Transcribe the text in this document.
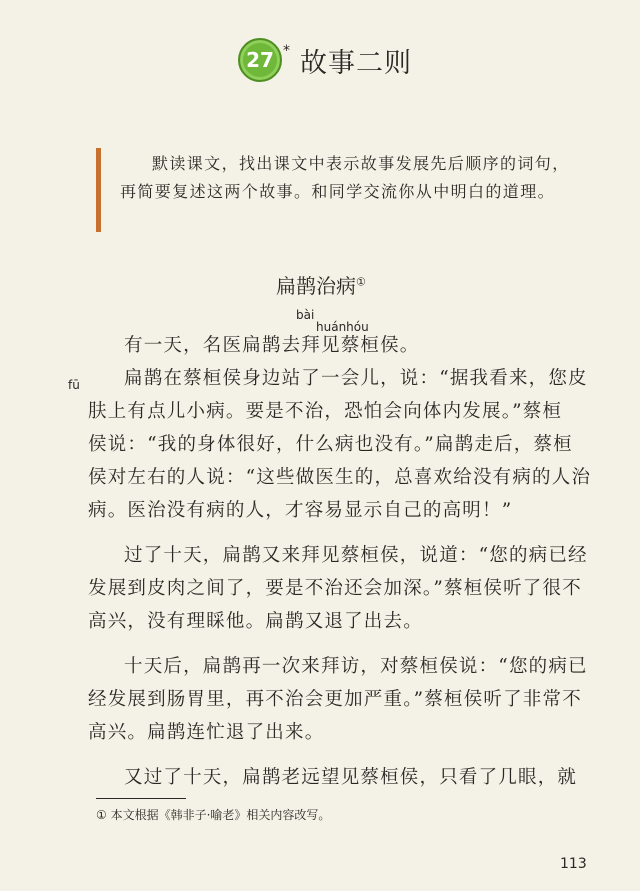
27 * 故事二则

默读课文，找出课文中表示故事发展先后顺序的词句，再简要复述这两个故事。和同学交流你从中明白的道理。

扁鹊治病①
bài
huánhóu
fū
有一天，名医扁鹊去拜见蔡桓侯。
扁鹊在蔡桓侯身边站了一会儿，说：“据我看来，您皮
肤上有点儿小病。要是不治，恐怕会向体内发展。”蔡桓
侯说：“我的身体很好，什么病也没有。”扁鹊走后，蔡桓
侯对左右的人说：“这些做医生的，总喜欢给没有病的人治
病。医治没有病的人，才容易显示自己的高明！”
过了十天，扁鹊又来拜见蔡桓侯，说道：“您的病已经
发展到皮肉之间了，要是不治还会加深。”蔡桓侯听了很不
高兴，没有理睬他。扁鹊又退了出去。
十天后，扁鹊再一次来拜访，对蔡桓侯说：“您的病已
经发展到肠胃里，再不治会更加严重。”蔡桓侯听了非常不
高兴。扁鹊连忙退了出来。
又过了十天，扁鹊老远望见蔡桓侯，只看了几眼，就
① 本文根据《韩非子·喻老》相关内容改写。
113
